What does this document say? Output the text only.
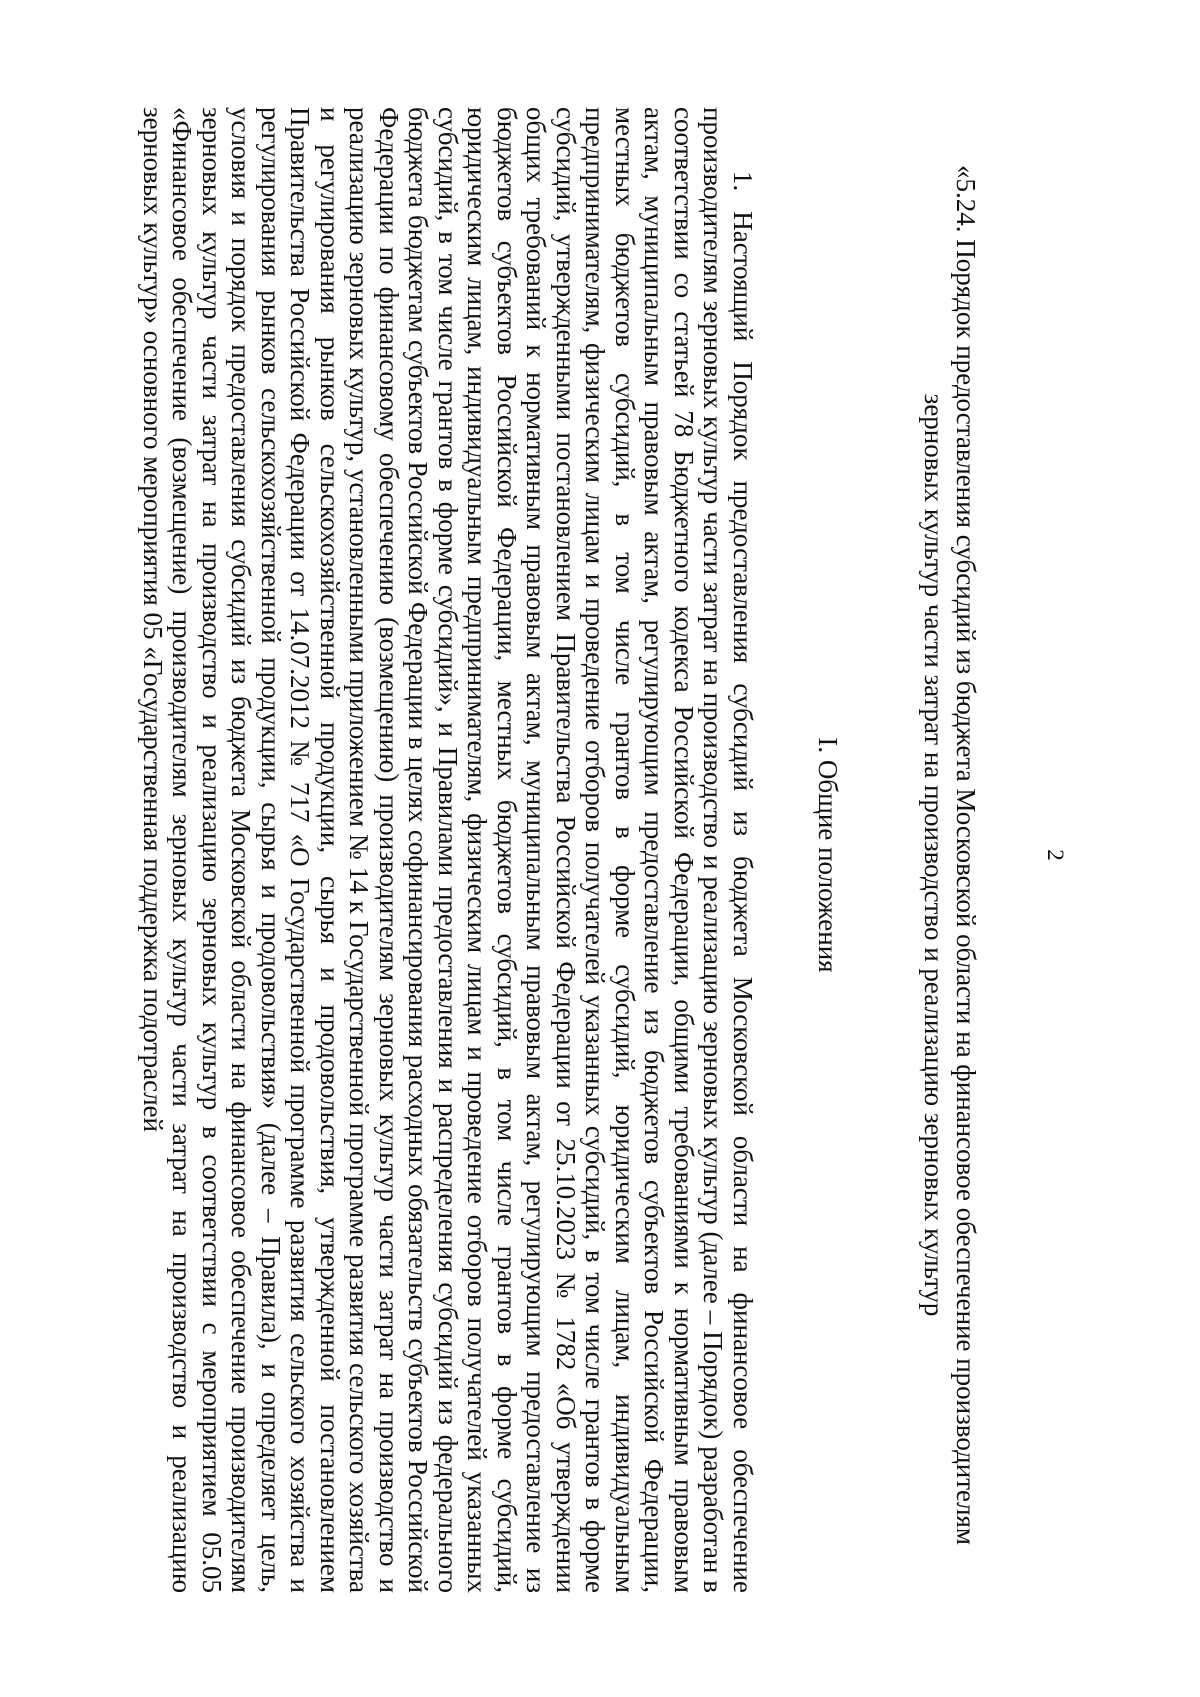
2
«5.24. Порядок предоставления субсидий из бюджета Московской области на финансовое обеспечение производителям зерновых культур части затрат на производство и реализацию зерновых культур
I. Общие положения

1. Настоящий Порядок предоставления субсидий из бюджета Московской области на финансовое обеспечение производителям зерновых культур части затрат на производство и реализацию зерновых культур (далее – Порядок) разработан в соответствии со статьей 78 Бюджетного кодекса Российской Федерации, общими требованиями к нормативным правовым актам, муниципальным правовым актам, регулирующим предоставление из бюджетов субъектов Российской Федерации, местных бюджетов субсидий, в том числе грантов в форме субсидий, юридическим лицам, индивидуальным предпринимателям, физическим лицам и проведение отборов получателей указанных субсидий, в том числе грантов в форме субсидий, утвержденными постановлением Правительства Российской Федерации от 25.10.2023 № 1782 «Об утверждении общих требований к нормативным правовым актам, муниципальным правовым актам, регулирующим предоставление из бюджетов субъектов Российской Федерации, местных бюджетов субсидий, в том числе грантов в форме субсидий, юридическим лицам, индивидуальным предпринимателям, физическим лицам и проведение отборов получателей указанных субсидий, в том числе грантов в форме субсидий», и Правилами предоставления и распределения субсидий из федерального бюджета бюджетам субъектов Российской Федерации в целях софинансирования расходных обязательств субъектов Российской Федерации по финансовому обеспечению (возмещению) производителям зерновых культур части затрат на производство и реализацию зерновых культур, установленными приложением № 14 к Государственной программе развития сельского хозяйства и регулирования рынков сельскохозяйственной продукции, сырья и продовольствия, утвержденной постановлением Правительства Российской Федерации от 14.07.2012 № 717 «О Государственной программе развития сельского хозяйства и регулирования рынков сельскохозяйственной продукции, сырья и продовольствия» (далее – Правила), и определяет цель, условия и порядок предоставления субсидий из бюджета Московской области на финансовое обеспечение производителям зерновых культур части затрат на производство и реализацию зерновых культур в соответствии с мероприятием 05.05 «Финансовое обеспечение (возмещение) производителям зерновых культур части затрат на производство и реализацию зерновых культур» основного мероприятия 05 «Государственная поддержка подотраслей
